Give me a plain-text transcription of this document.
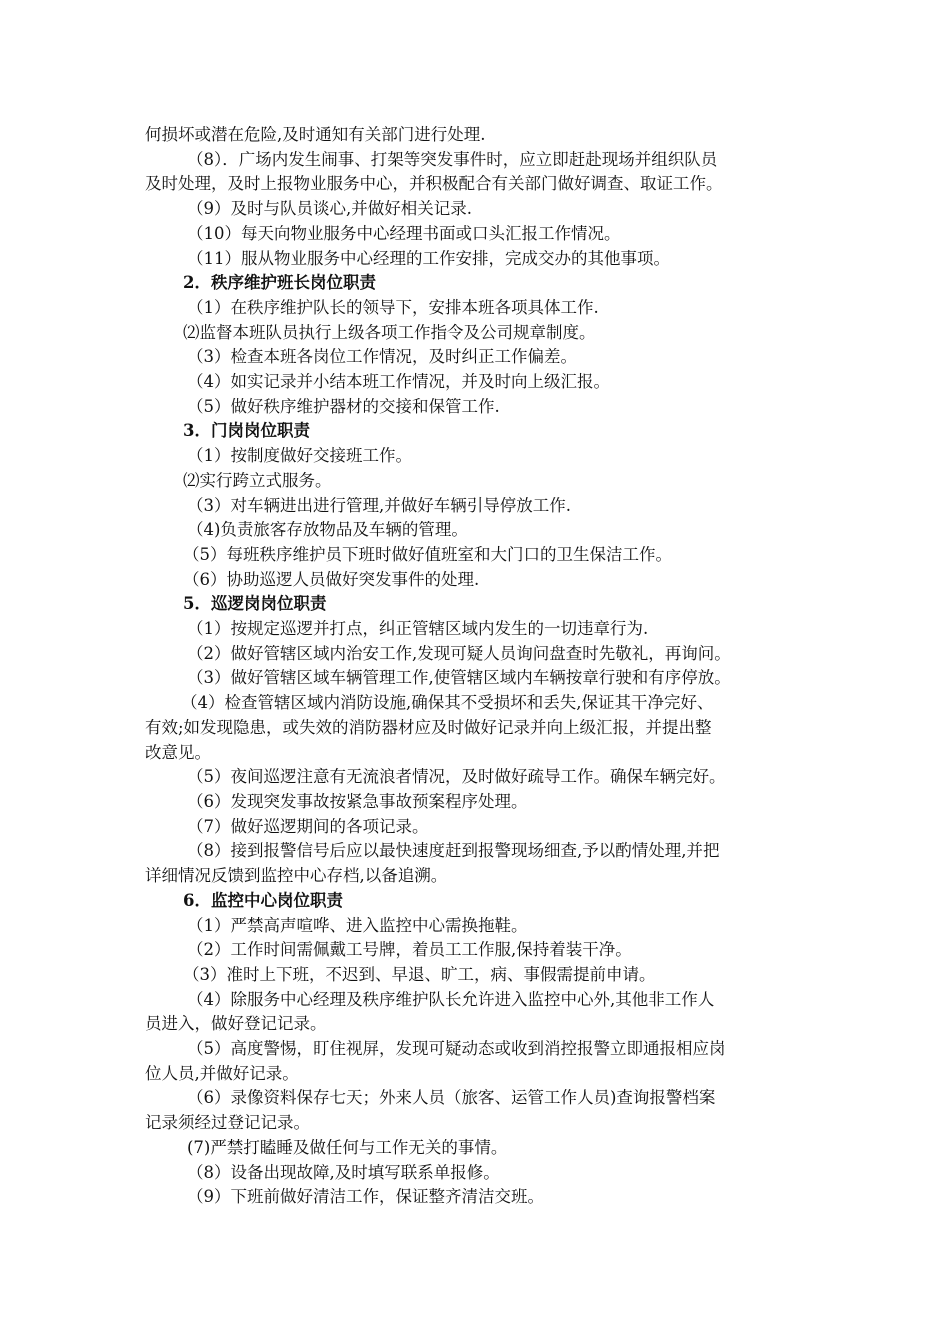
何损坏或潜在危险,及时通知有关部门进行处理.
（8）．广场内发生闹事、打架等突发事件时，应立即赶赴现场并组织队员
及时处理，及时上报物业服务中心，并积极配合有关部门做好调查、取证工作。
（9）及时与队员谈心,并做好相关记录.
（10）每天向物业服务中心经理书面或口头汇报工作情况。
（11）服从物业服务中心经理的工作安排，完成交办的其他事项。
2．秩序维护班长岗位职责
（1）在秩序维护队长的领导下，安排本班各项具体工作.
⑵监督本班队员执行上级各项工作指令及公司规章制度。
（3）检查本班各岗位工作情况，及时纠正工作偏差。
（4）如实记录并小结本班工作情况，并及时向上级汇报。
（5）做好秩序维护器材的交接和保管工作.
3．门岗岗位职责
（1）按制度做好交接班工作。
⑵实行跨立式服务。
（3）对车辆进出进行管理,并做好车辆引导停放工作.
（4)负责旅客存放物品及车辆的管理。
（5）每班秩序维护员下班时做好值班室和大门口的卫生保洁工作。
（6）协助巡逻人员做好突发事件的处理.
5．巡逻岗岗位职责
（1）按规定巡逻并打点，纠正管辖区域内发生的一切违章行为.
（2）做好管辖区域内治安工作,发现可疑人员询问盘查时先敬礼，再询问。
（3）做好管辖区域车辆管理工作,使管辖区域内车辆按章行驶和有序停放。
（4）检查管辖区域内消防设施,确保其不受损坏和丢失,保证其干净完好、
有效;如发现隐患，或失效的消防器材应及时做好记录并向上级汇报，并提出整
改意见。
（5）夜间巡逻注意有无流浪者情况，及时做好疏导工作。确保车辆完好。
（6）发现突发事故按紧急事故预案程序处理。
（7）做好巡逻期间的各项记录。
（8）接到报警信号后应以最快速度赶到报警现场细查,予以酌情处理,并把
详细情况反馈到监控中心存档,以备追溯。
6．监控中心岗位职责
（1）严禁高声喧哗、进入监控中心需换拖鞋。
（2）工作时间需佩戴工号牌，着员工工作服,保持着装干净。
（3）准时上下班，不迟到、早退、旷工，病、事假需提前申请。
（4）除服务中心经理及秩序维护队长允许进入监控中心外,其他非工作人
员进入，做好登记记录。
（5）高度警惕，盯住视屏，发现可疑动态或收到消控报警立即通报相应岗
位人员,并做好记录。
（6）录像资料保存七天；外来人员（旅客、运管工作人员)查询报警档案
记录须经过登记记录。
(7)严禁打瞌睡及做任何与工作无关的事情。
（8）设备出现故障,及时填写联系单报修。
（9）下班前做好清洁工作，保证整齐清洁交班。
